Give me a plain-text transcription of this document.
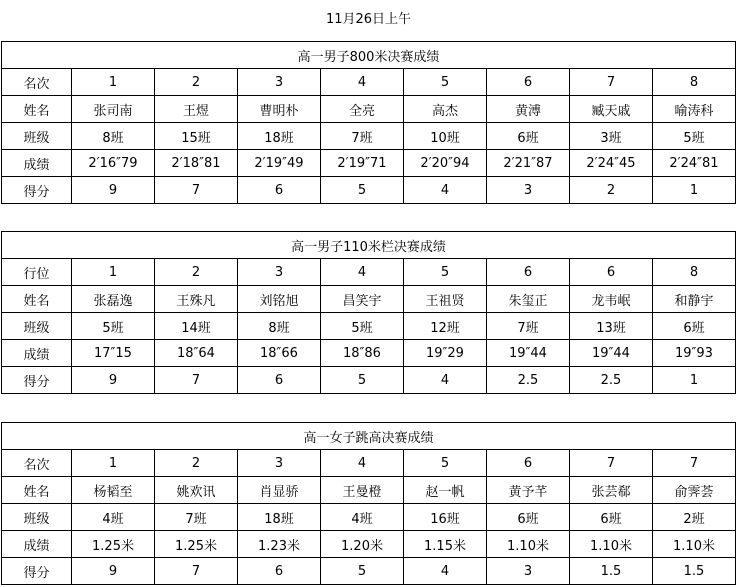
11月26日上午
高一男子800米决赛成绩								
名次	1	2	3	4	5	6	7	8
姓名	张司南	王煜	曹明朴	全亮	高杰	黄溥	臧天戚	喻涛科
班级	8班	15班	18班	7班	10班	6班	3班	5班
成绩	2′16″79	2′18″81	2′19″49	2′19″71	2′20″94	2′21″87	2′24″45	2′24″81
得分	9	7	6	5	4	3	2	1
高一男子110米栏决赛成绩								
行位	1	2	3	4	5	6	6	8
姓名	张磊逸	王殊凡	刘铭旭	昌笑宇	王祖贤	朱玺正	龙韦岷	和静宇
班级	5班	14班	8班	5班	12班	7班	13班	6班
成绩	17″15	18″64	18″66	18″86	19″29	19″44	19″44	19″93
得分	9	7	6	5	4	2.5	2.5	1
高一女子跳高决赛成绩								
名次	1	2	3	4	5	6	7	7
姓名	杨韬至	姚欢讯	肖显骄	王曼橙	赵一帆	黄予芊	张芸郗	俞霁荟
班级	4班	7班	18班	4班	16班	6班	6班	2班
成绩	1.25米	1.25米	1.23米	1.20米	1.15米	1.10米	1.10米	1.10米
得分	9	7	6	5	4	3	1.5	1.5
